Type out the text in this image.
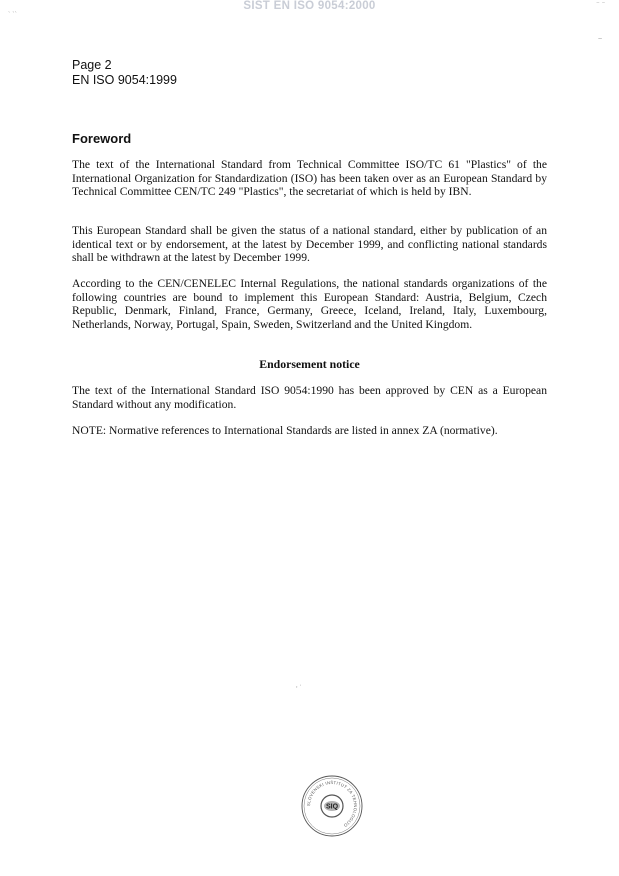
SIST EN ISO 9054:2000
` ``
⁻ ⁻
~
‚ ·
Page 2
EN ISO 9054:1999
Foreword

The text of the International Standard from Technical Committee ISO/TC 61 "Plastics" of the International Organization for Standardization (ISO) has been taken over as an European Standard by Technical Committee CEN/TC 249 "Plastics", the secretariat of which is held by IBN.

This European Standard shall be given the status of a national standard, either by publication of an identical text or by endorsement, at the latest by December 1999, and conflicting national standards shall be withdrawn at the latest by December 1999.

According to the CEN/CENELEC Internal Regulations, the national standards organizations of the following countries are bound to implement this European Standard: Austria, Belgium, Czech Republic, Denmark, Finland, France, Germany, Greece, Iceland, Ireland, Italy, Luxembourg, Netherlands, Norway, Portugal, Spain, Sweden, Switzerland and the United Kingdom.

Endorsement notice

The text of the International Standard ISO 9054:1990 has been approved by CEN as a European Standard without any modification.

NOTE: Normative references to International Standards are listed in annex ZA (normative).

SLOVENSKI INŠTITUT ZA TEHNOLOGIJO
SIQ
